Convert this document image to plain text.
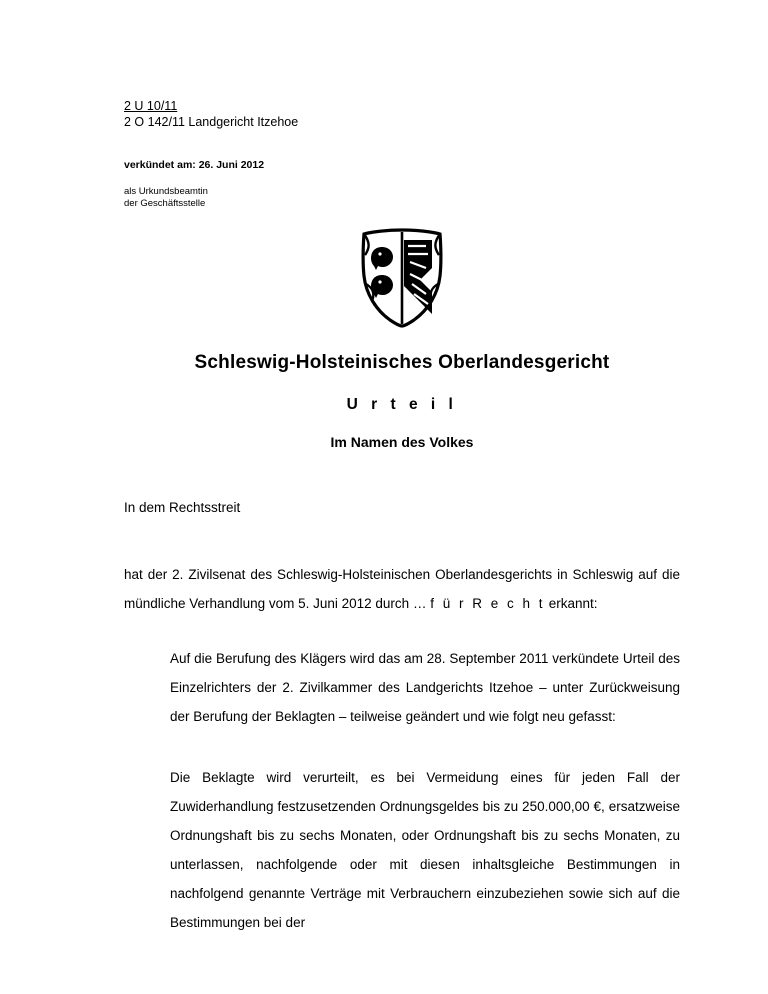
2 U 10/11
2 O 142/11 Landgericht Itzehoe
verkündet am: 26. Juni 2012
als Urkundsbeamtin
der Geschäftsstelle
Schleswig-Holsteinisches Oberlandesgericht
U r t e i l
Im Namen des Volkes
In dem Rechtsstreit
hat der 2. Zivilsenat des Schleswig-Holsteinischen Oberlandesgerichts in Schleswig auf die mündliche Verhandlung vom 5. Juni 2012 durch … f ü r R e c h t erkannt:
Auf die Berufung des Klägers wird das am 28. September 2011 verkündete Urteil des Einzelrichters der 2. Zivilkammer des Landgerichts Itzehoe – unter Zurückweisung der Berufung der Beklagten – teilweise geändert und wie folgt neu gefasst:
Die Beklagte wird verurteilt, es bei Vermeidung eines für jeden Fall der Zuwiderhandlung festzusetzenden Ordnungsgeldes bis zu 250.000,00 €, ersatzweise Ordnungshaft bis zu sechs Monaten, oder Ordnungshaft bis zu sechs Monaten, zu unterlassen, nachfolgende oder mit diesen inhaltsgleiche Bestimmungen in nachfolgend genannte Verträge mit Verbrauchern einzubeziehen sowie sich auf die Bestimmungen bei der
